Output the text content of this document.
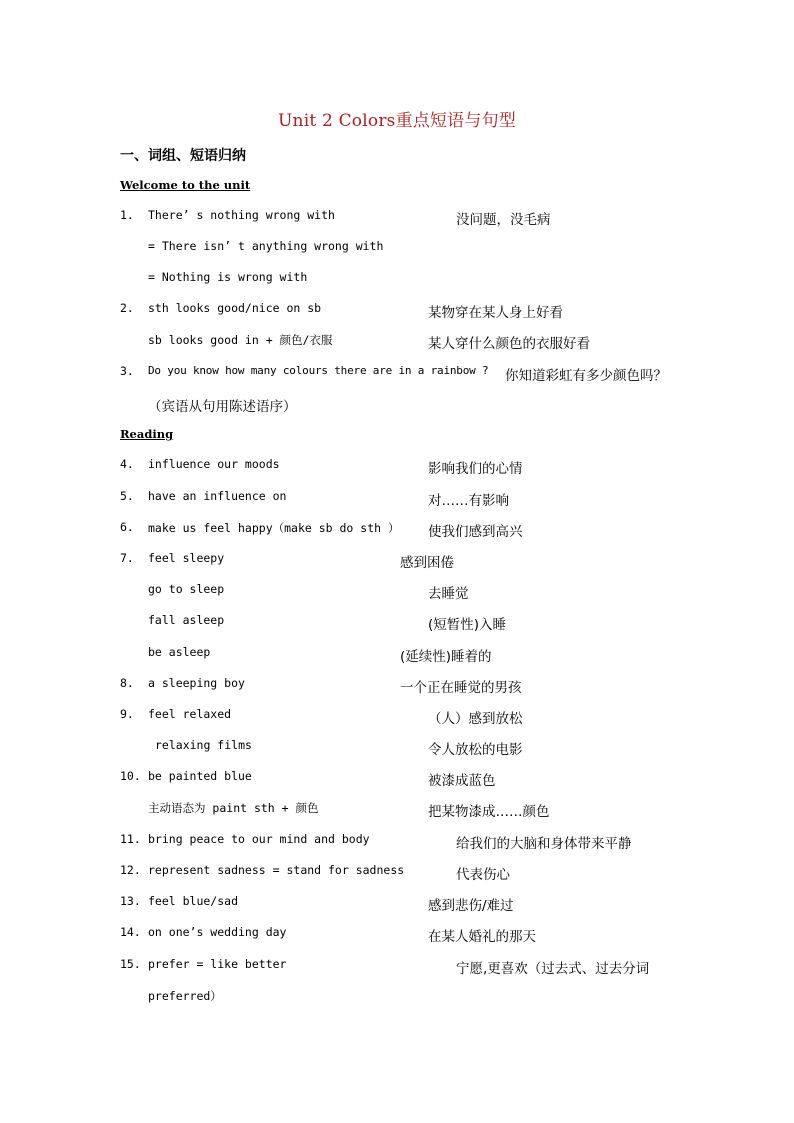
Unit 2 Colors重点短语与句型
一、词组、短语归纳
Welcome to the unit
1. There’ s nothing wrong with	没问题，没毛病
= There isn’ t anything wrong with
= Nothing is wrong with
2. sth looks good/nice on sb	某物穿在某人身上好看
sb looks good in + 颜色/衣服	某人穿什么颜色的衣服好看
3. Do you know how many colours there are in a rainbow ? 你知道彩虹有多少颜色吗？
（宾语从句用陈述语序）
Reading
4. influence our moods	影响我们的心情
5. have an influence on	对……有影响
6. make us feel happy（make sb do sth ） 使我们感到高兴
7. feel sleepy	感到困倦
go to sleep	去睡觉
fall asleep	(短暂性)入睡
be asleep	(延续性)睡着的
8. a sleeping boy	一个正在睡觉的男孩
9. feel relaxed	（人）感到放松
relaxing films	令人放松的电影
10. be painted blue	被漆成蓝色
主动语态为 paint sth + 颜色	把某物漆成……颜色
11. bring peace to our mind and body	给我们的大脑和身体带来平静
12. represent sadness = stand for sadness	代表伤心
13. feel blue/sad	感到悲伤/难过
14. on one’s wedding day	在某人婚礼的那天
15. prefer = like better	宁愿,更喜欢（过去式、过去分词
preferred）
